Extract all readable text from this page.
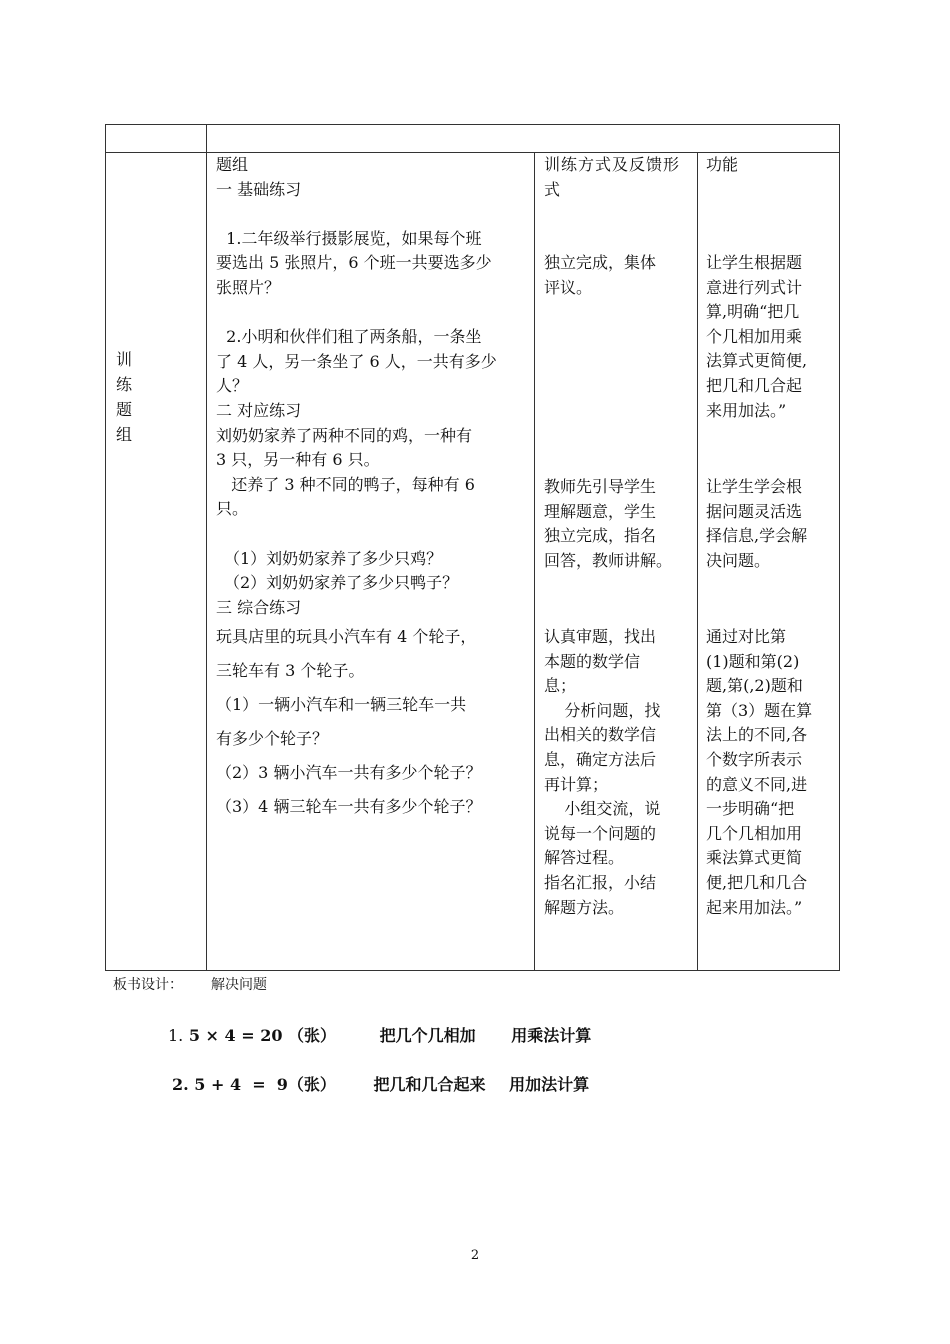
训
练
题
组

题组

一 基础练习

1.二年级举行摄影展览，如果每个班

要选出 5 张照片，6 个班一共要选多少

张照片？

2.小明和伙伴们租了两条船，一条坐

了 4 人，另一条坐了 6 人，一共有多少

人？

二 对应练习

刘奶奶家养了两种不同的鸡，一种有

3 只，另一种有 6 只。

还养了 3 种不同的鸭子，每种有 6

只。

（1）刘奶奶家养了多少只鸡？

（2）刘奶奶家养了多少只鸭子？

三 综合练习

玩具店里的玩具小汽车有 4 个轮子，

三轮车有 3 个轮子。

（1）一辆小汽车和一辆三轮车一共

有多少个轮子？

（2）3 辆小汽车一共有多少个轮子？

（3）4 辆三轮车一共有多少个轮子？

训练方式及反馈形式

独立完成，集体

评议。

教师先引导学生

理解题意，学生

独立完成，指名

回答，教师讲解。

认真审题，找出

本题的数学信

息；

分析问题，找

出相关的数学信

息，确定方法后

再计算；

小组交流，说

说每一个问题的

解答过程。

指名汇报，小结

解题方法。

功能

让学生根据题

意进行列式计

算,明确“把几

个几相加用乘

法算式更简便,

把几和几合起

来用加法。”

让学生学会根

据问题灵活选

择信息,学会解

决问题。

通过对比第

(1)题和第(2)

题,第(,2)题和

第（3）题在算

法上的不同,各

个数字所表示

的意义不同,进

一步明确“把

几个几相加用

乘法算式更简

便,把几和几合

起来用加法。”

板书设计： 解决问题
1. 5 × 4 = 20 （张）	把几个几相加 用乘法计算
2. 5 + 4  =  9（张） 把几和几合起来 用加法计算
2
